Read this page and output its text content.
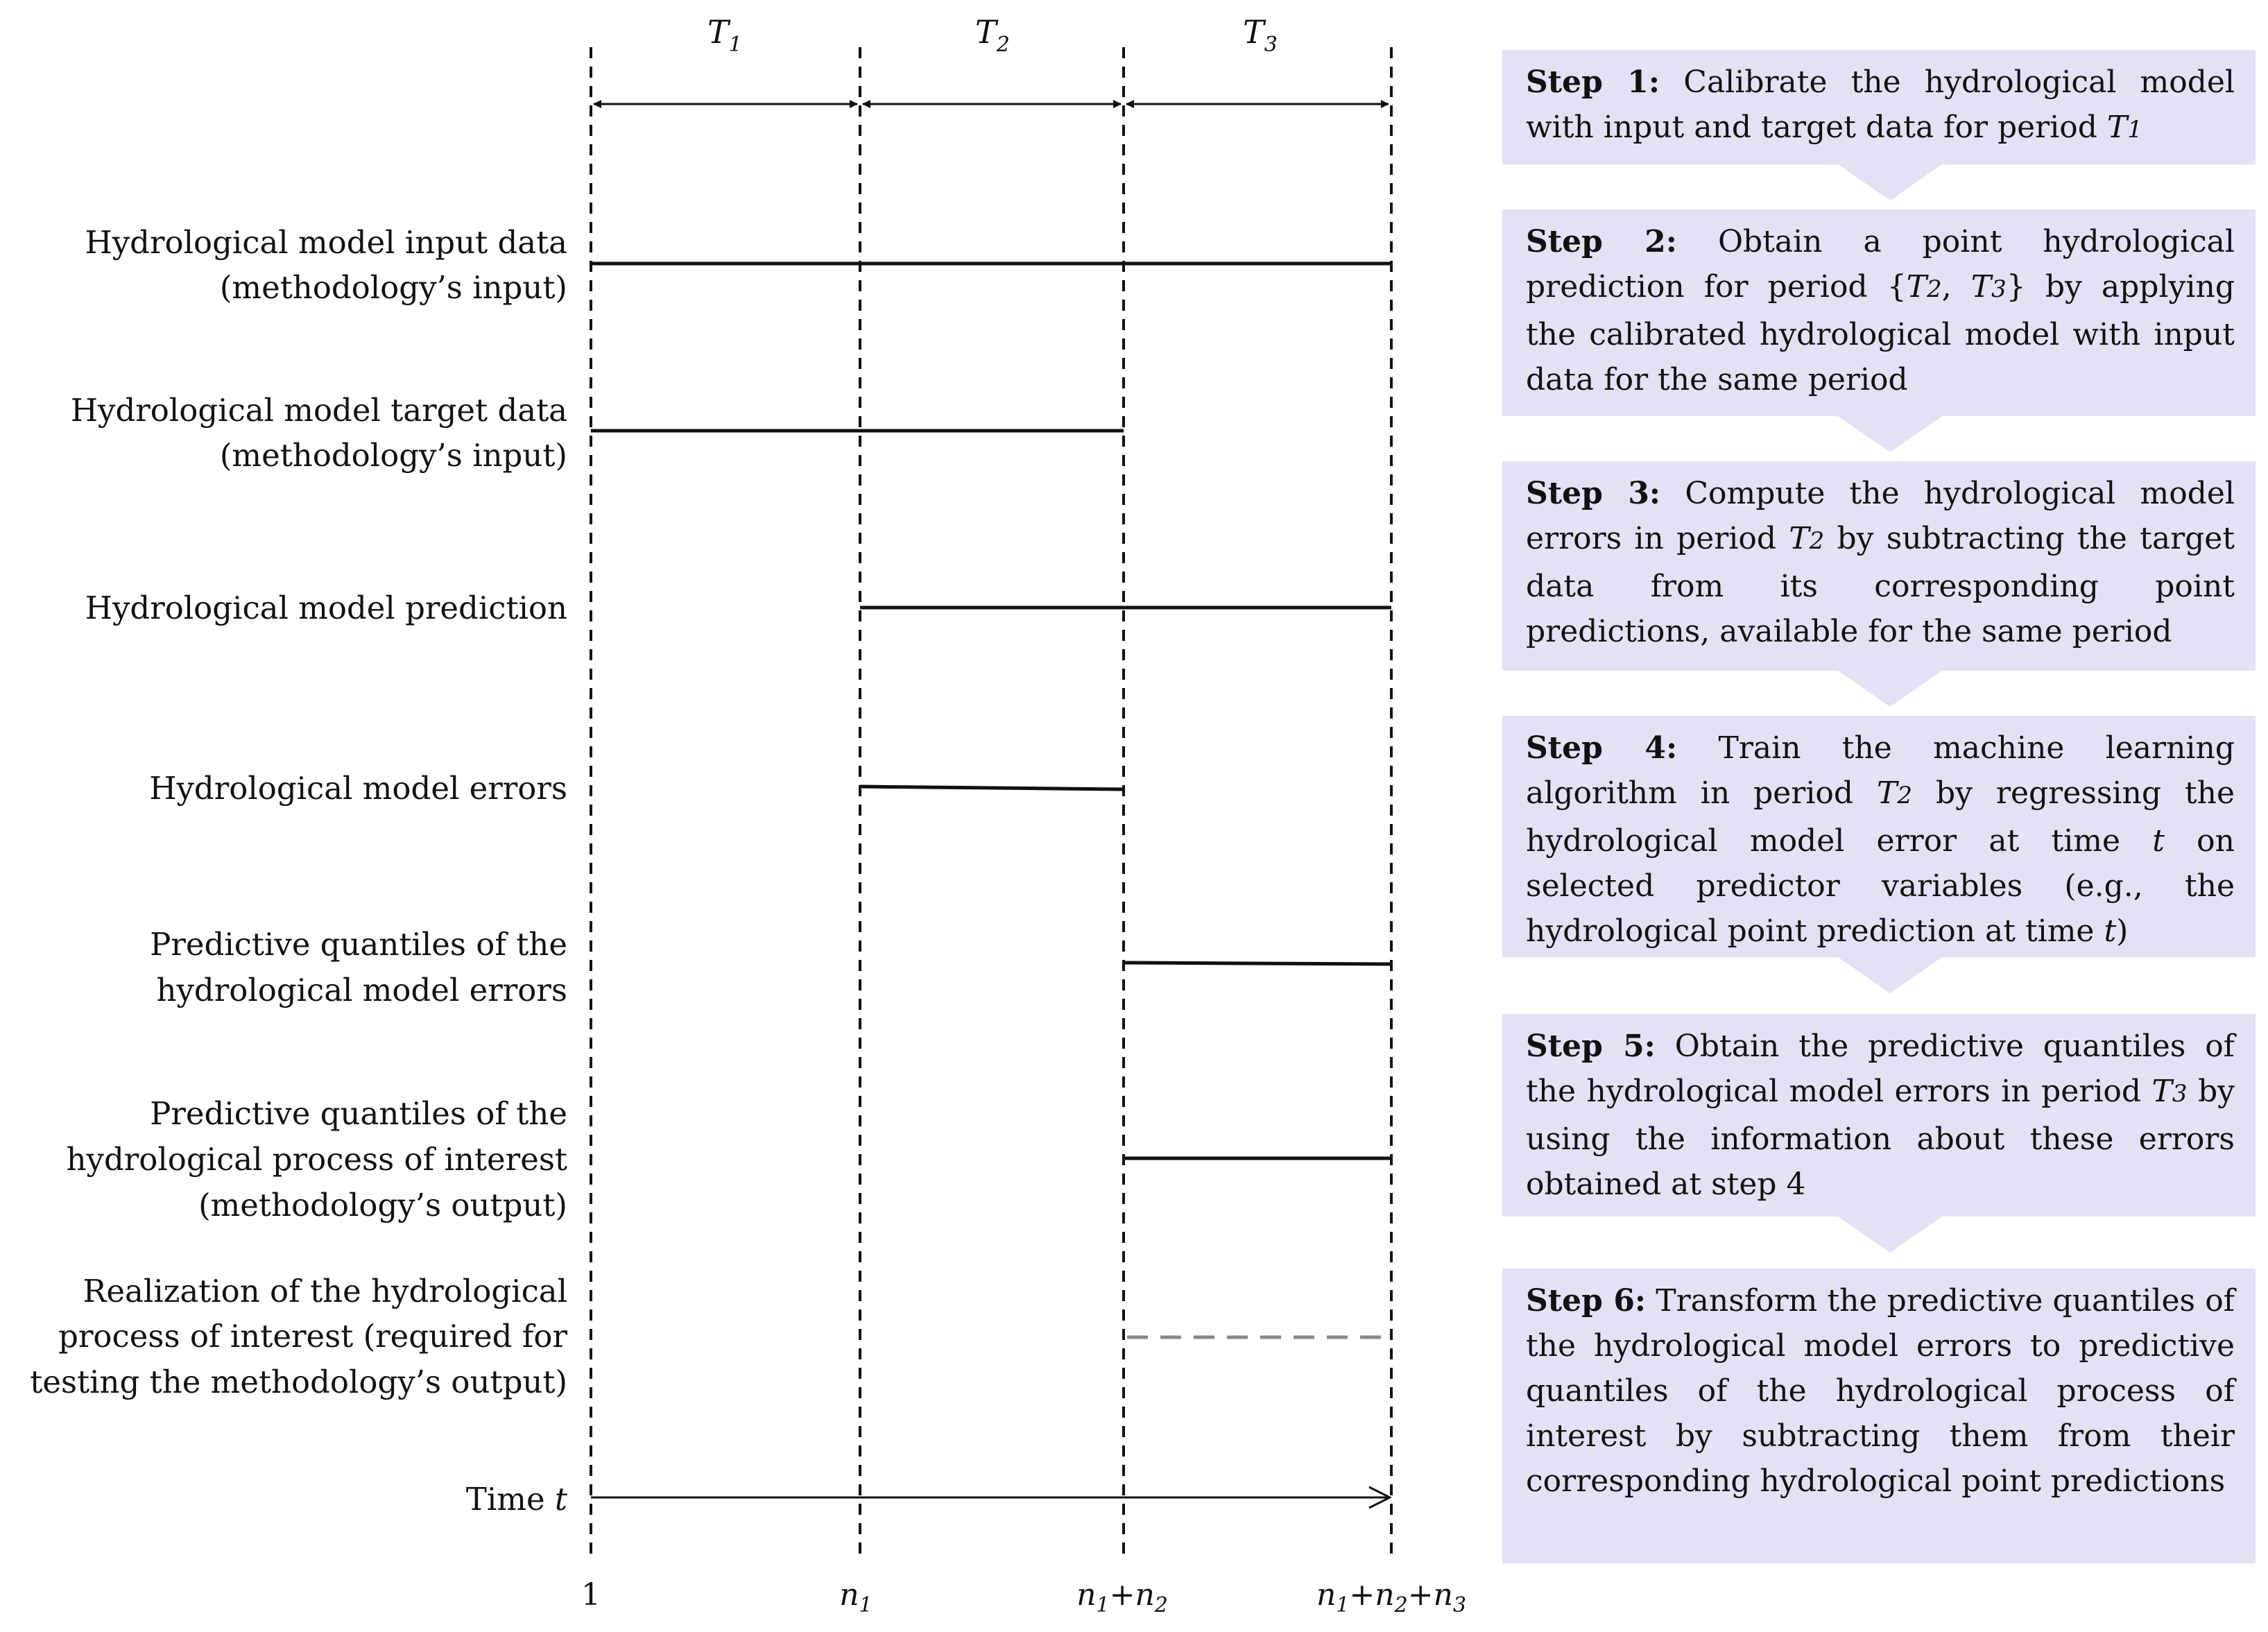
$T_1$	$T_2$	$T_3$
Hydrological model input data
(methodology’s input)
Hydrological model target data
(methodology’s input)
Hydrological model prediction
Hydrological model errors
Predictive quantiles of the
hydrological model errors
Predictive quantiles of the
hydrological process of interest
(methodology’s output)
Realization of the hydrological
process of interest (required for
testing the methodology’s output)
Time t
1	$n_1$	$n_1+n_2$	$n_1+n_2+n_3$
Step 1: Calibrate the hydrological model with input and target data for period T1
Step 2: Obtain a point hydrological prediction for period {T2, T3} by applying the calibrated hydrological model with input data for the same period
Step 3: Compute the hydrological model errors in period T2 by subtracting the target data from its corresponding point predictions, available for the same period
Step 4: Train the machine learning algorithm in period T2 by regressing the hydrological model error at time t on selected predictor variables (e.g., the hydrological point prediction at time t)
Step 5: Obtain the predictive quantiles of the hydrological model errors in period T3 by using the information about these errors obtained at step 4
Step 6: Transform the predictive quantiles of the hydrological model errors to predictive quantiles of the hydrological process of interest by subtracting them from their corresponding hydrological point predictions
